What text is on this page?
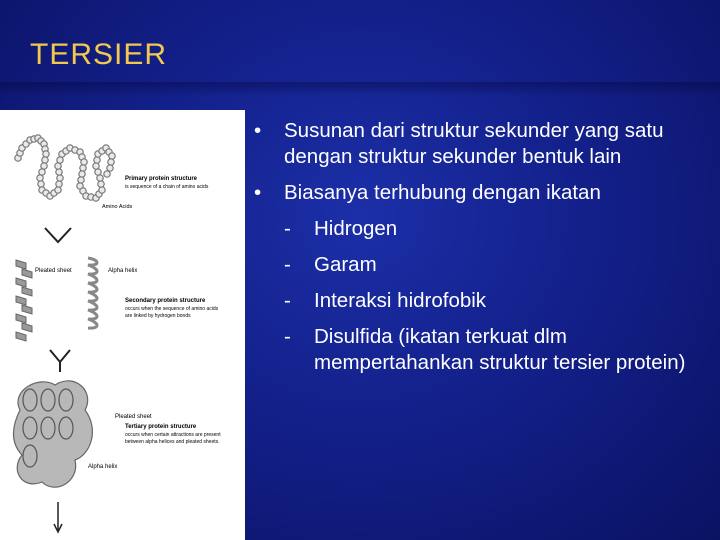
TERSIER
Primary protein structure
is sequence of a chain of amino acids
Amino Acids
Pleated sheet	Alpha helix
Secondary protein structure
occurs when the sequence of amino acids
are linked by hydrogen bonds
Pleated sheet
Tertiary protein structure
occurs when certain attractions are present
between alpha helices and pleated sheets.
Alpha helix
• Susunan dari struktur sekunder yang satu dengan struktur sekunder bentuk lain
• Biasanya terhubung dengan ikatan
- Hidrogen
- Garam
- Interaksi hidrofobik
- Disulfida (ikatan terkuat dlm mempertahankan struktur tersier protein)
